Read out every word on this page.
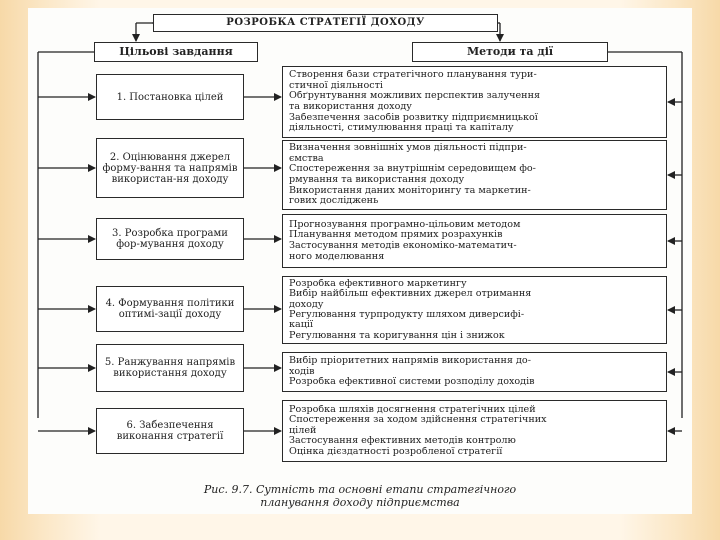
РОЗРОБКА СТРАТЕГІЇ ДОХОДУ
Цільові завдання	Методи та дії
1. Постановка цілей
Створення бази стратегічного планування тури-
стичної діяльності
Обґрунтування можливих перспектив залучення
та використання доходу
Забезпечення засобів розвитку підприємницької
діяльності, стимулювання праці та капіталу
2. Оцінювання джерел форму-вання та напрямів використан-ня доходу
Визначення зовнішніх умов діяльності підпри-
ємства
Спостереження за внутрішнім середовищем фо-
рмування та використання доходу
Використання даних моніторингу та маркетин-
гових досліджень
3. Розробка програми фор-мування доходу
Прогнозування програмно-цільовим методом
Планування методом прямих розрахунків
Застосування методів економіко-математич-
ного моделювання
4. Формування політики оптимі-зації доходу
Розробка ефективного маркетингу
Вибір найбільш ефективних джерел отримання
доходу
Регулювання турпродукту шляхом диверсифі-
кації
Регулювання та коригування цін і знижок
5. Ранжування напрямів використання доходу
Вибір пріоритетних напрямів використання до-
ходів
Розробка ефективної системи розподілу доходів
6. Забезпечення виконання стратегії
Розробка шляхів досягнення стратегічних цілей
Спостереження за ходом здійснення стратегічних
цілей
Застосування ефективних методів контролю
Оцінка дієздатності розробленої стратегії
Рис. 9.7. Сутність та основні етапи стратегічного
планування доходу підприємства
